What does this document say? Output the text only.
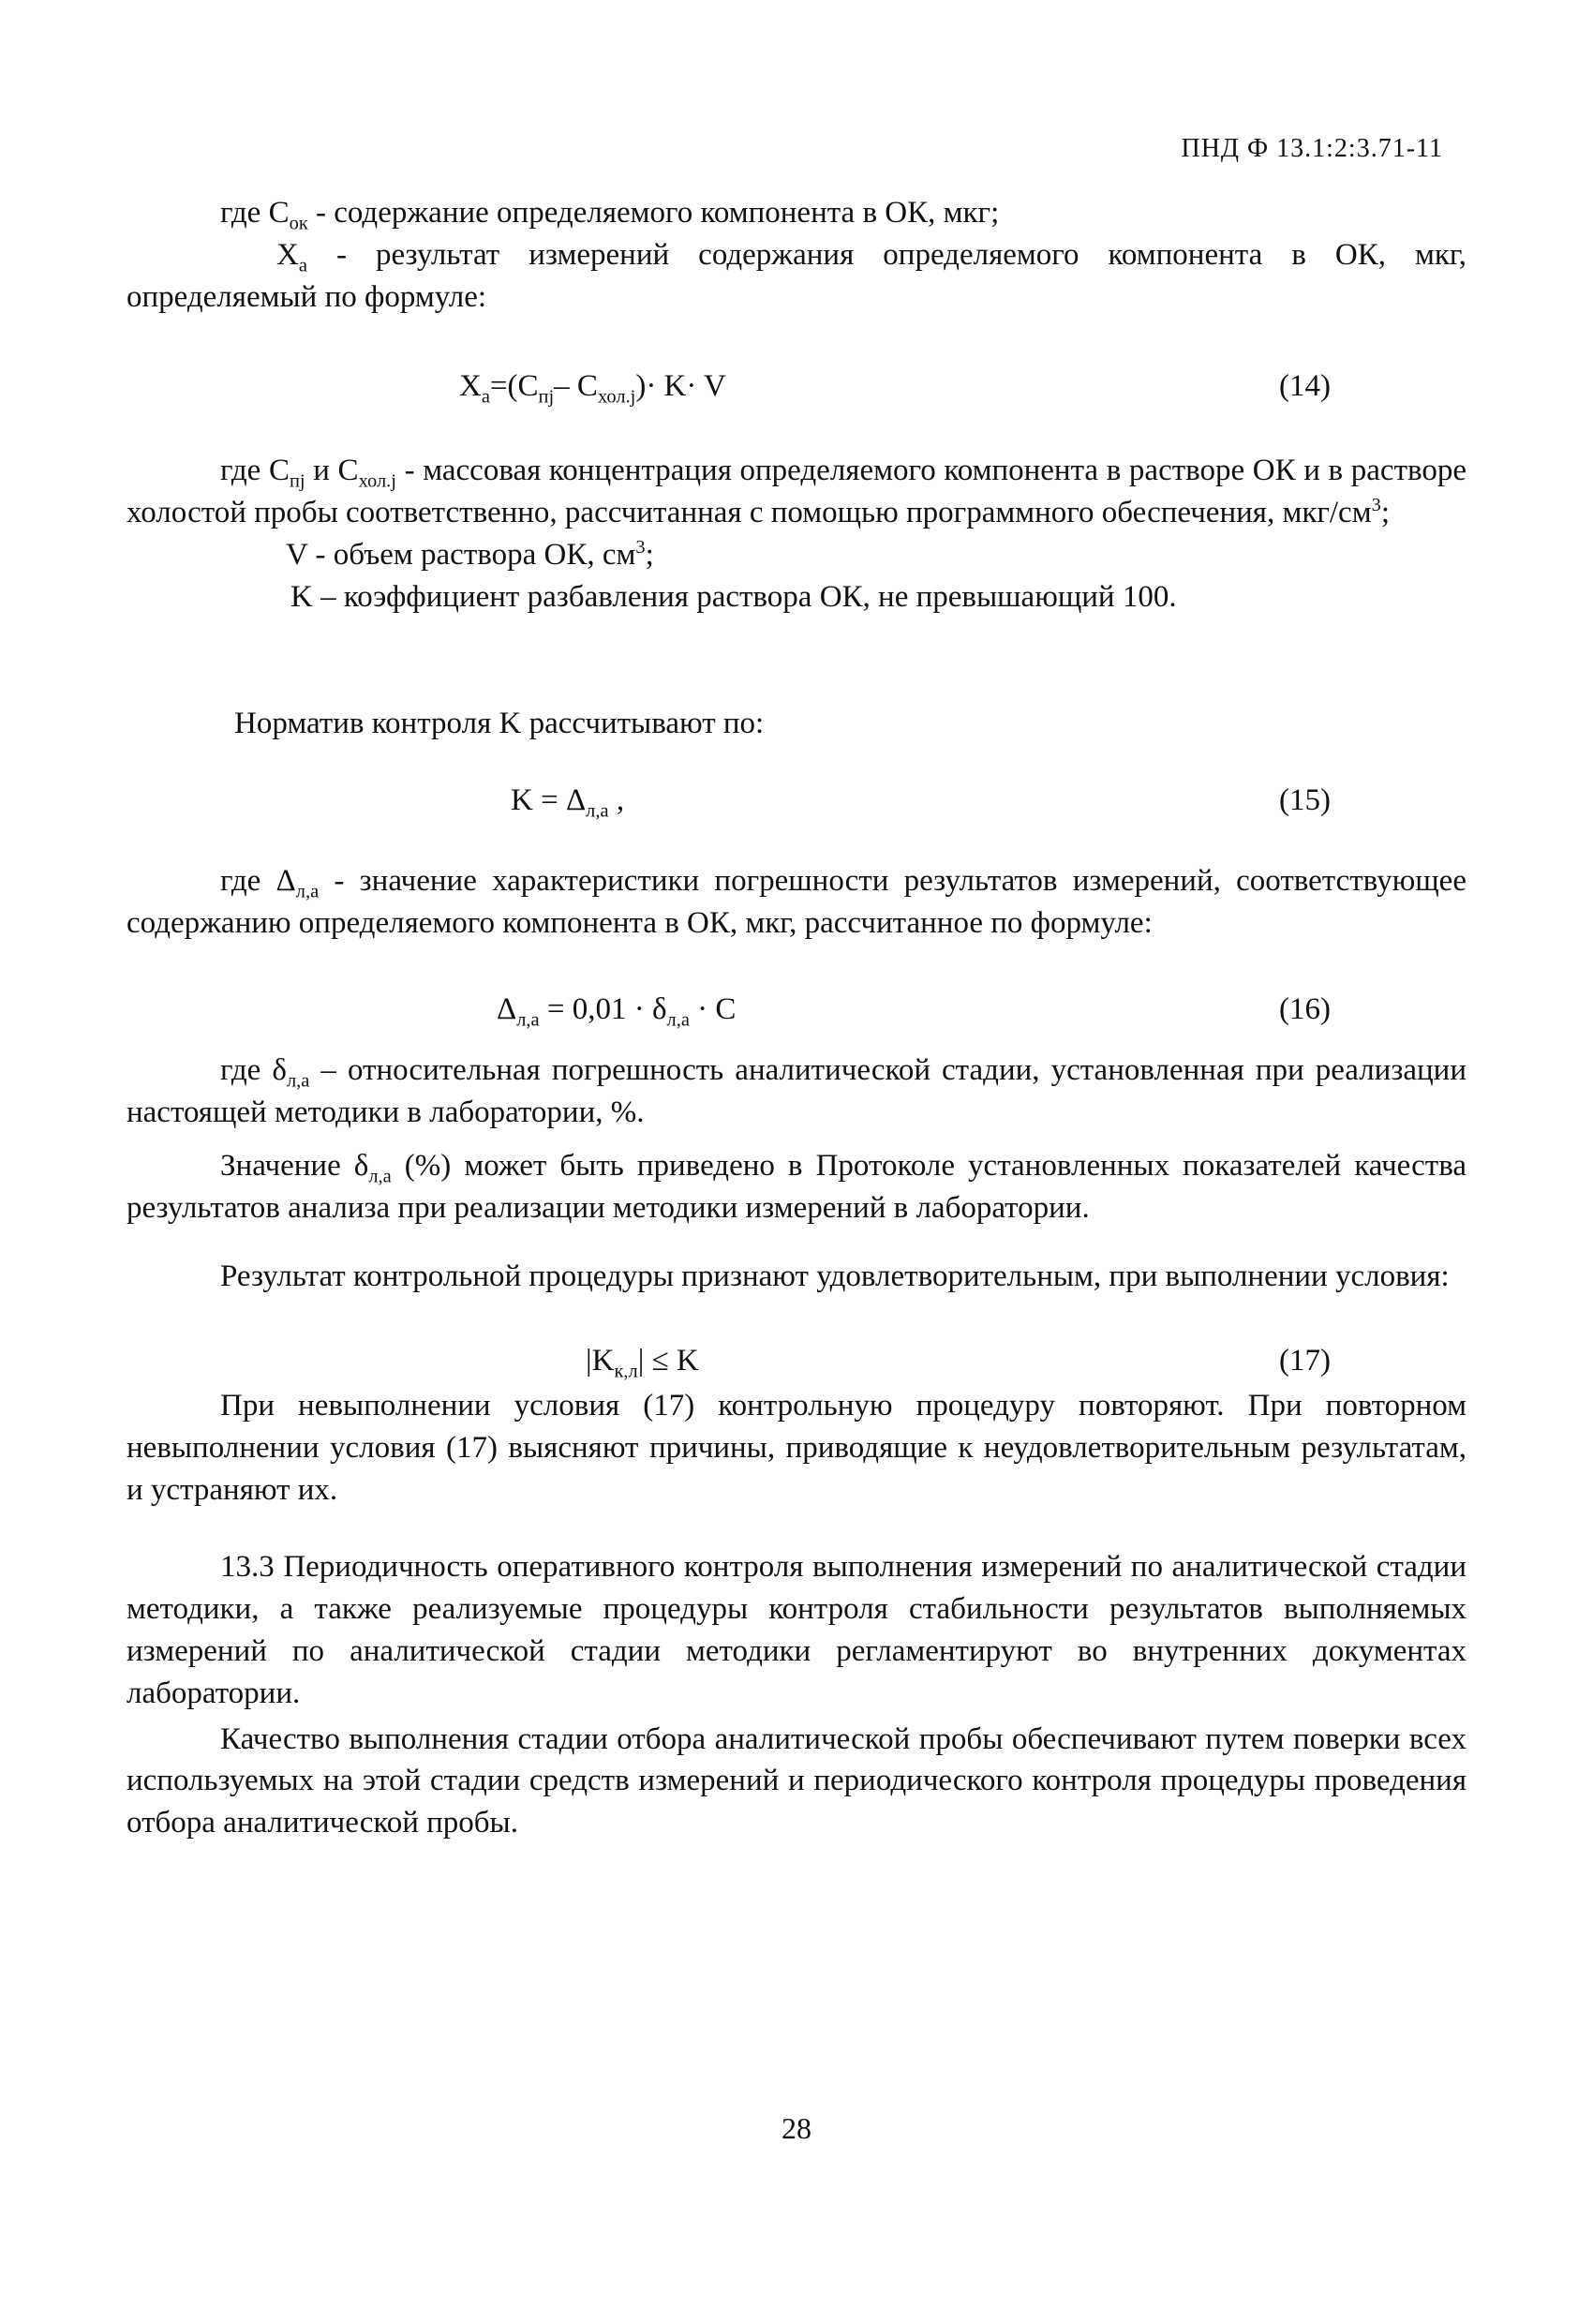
ПНД Ф 13.1:2:3.71-11

где $C_{ок}$ - содержание определяемого компонента в ОК, мкг;

$X_a$ - результат измерений содержания определяемого компонента в ОК, мкг, определяемый по формуле:

$X_a=(C_{пj}-$ $C_{хол.j})\cdot K\cdot V$	(14)

где $C_{пj}$ и $C_{хол.j}$ - массовая концентрация определяемого компонента в растворе ОК и в растворе холостой пробы соответственно, рассчитанная с помощью программного обеспечения, мкг/$см^3$;

V - объем раствора ОК, $см^3$;

K – коэффициент разбавления раствора ОК, не превышающий 100.

Норматив контроля K рассчитывают по:

$K = \Delta_{л,а}$ ,	(15)

где $\Delta_{л,а}$ - значение характеристики погрешности результатов измерений, соответствующее содержанию определяемого компонента в ОК, мкг, рассчитанное по формуле:

$\Delta_{л,а} = 0,01 \cdot \delta_{л,а} \cdot C$	(16)

где $\delta_{л,а}$ – относительная погрешность аналитической стадии, установленная при реализации настоящей методики в лаборатории, %.

Значение $\delta_{л,а}$ (%) может быть приведено в Протоколе установленных показателей качества результатов анализа при реализации методики измерений в лаборатории.

Результат контрольной процедуры признают удовлетворительным, при выполнении условия:

$|K_{к,л}| \le K$	(17)

При невыполнении условия (17) контрольную процедуру повторяют. При повторном невыполнении условия (17) выясняют причины, приводящие к неудовлетворительным результатам, и устраняют их.

13.3 Периодичность оперативного контроля выполнения измерений по аналитической стадии методики, а также реализуемые процедуры контроля стабильности результатов выполняемых измерений по аналитической стадии методики регламентируют во внутренних документах лаборатории.

Качество выполнения стадии отбора аналитической пробы обеспечивают путем поверки всех используемых на этой стадии средств измерений и периодического контроля процедуры проведения отбора аналитической пробы.

28
